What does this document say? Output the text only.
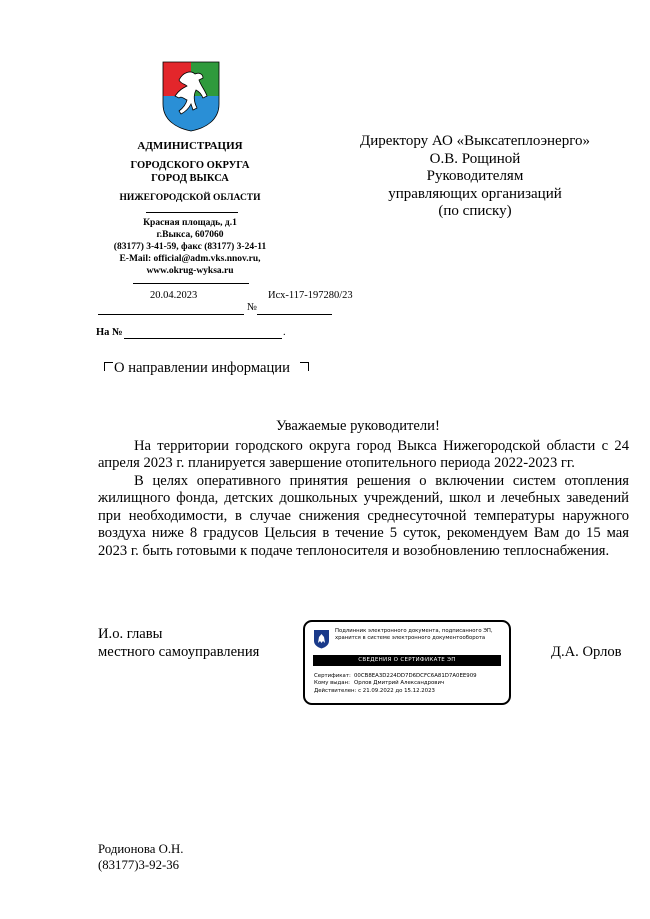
АДМИНИСТРАЦИЯ
ГОРОДСКОГО ОКРУГА
ГОРОД ВЫКСА
НИЖЕГОРОДСКОЙ ОБЛАСТИ
Красная площадь, д.1
г.Выкса, 607060
(83177) 3-41-59, факс (83177) 3-24-11
E-Mail: official@adm.vks.nnov.ru,
www.okrug-wyksa.ru
20.04.2023
№
Исх-117-197280/23
На №	.
Директору АО «Выксатеплоэнерго»
О.В. Рощиной
Руководителям
управляющих организаций
(по списку)
О направлении информации
Уважаемые руководители!

На территории городского округа город Выкса Нижегородской области с 24 апреля 2023 г. планируется завершение отопительного периода 2022-2023 гг.

В целях оперативного принятия решения о включении систем отопления жилищного фонда, детских дошкольных учреждений, школ и лечебных заведений при необходимости, в случае снижения среднесуточной температуры наружного воздуха ниже 8 градусов Цельсия в течение 5 суток, рекомендуем Вам до 15 мая 2023 г. быть готовыми к подаче теплоносителя и возобновлению теплоснабжения.

И.о. главы
местного самоуправления	Д.А. Орлов
Подлинник электронного документа, подписанного ЭП,
хранится в системе электронного документооборота
СВЕДЕНИЯ О СЕРТИФИКАТЕ ЭП
Сертификат: 00CB8EA3D224DD7D6DCFC6A81D7A0EE909
Кому выдан: Орлов Дмитрий Александрович
Действителен: с 21.09.2022 до 15.12.2023
Родионова О.Н.
(83177)3-92-36
